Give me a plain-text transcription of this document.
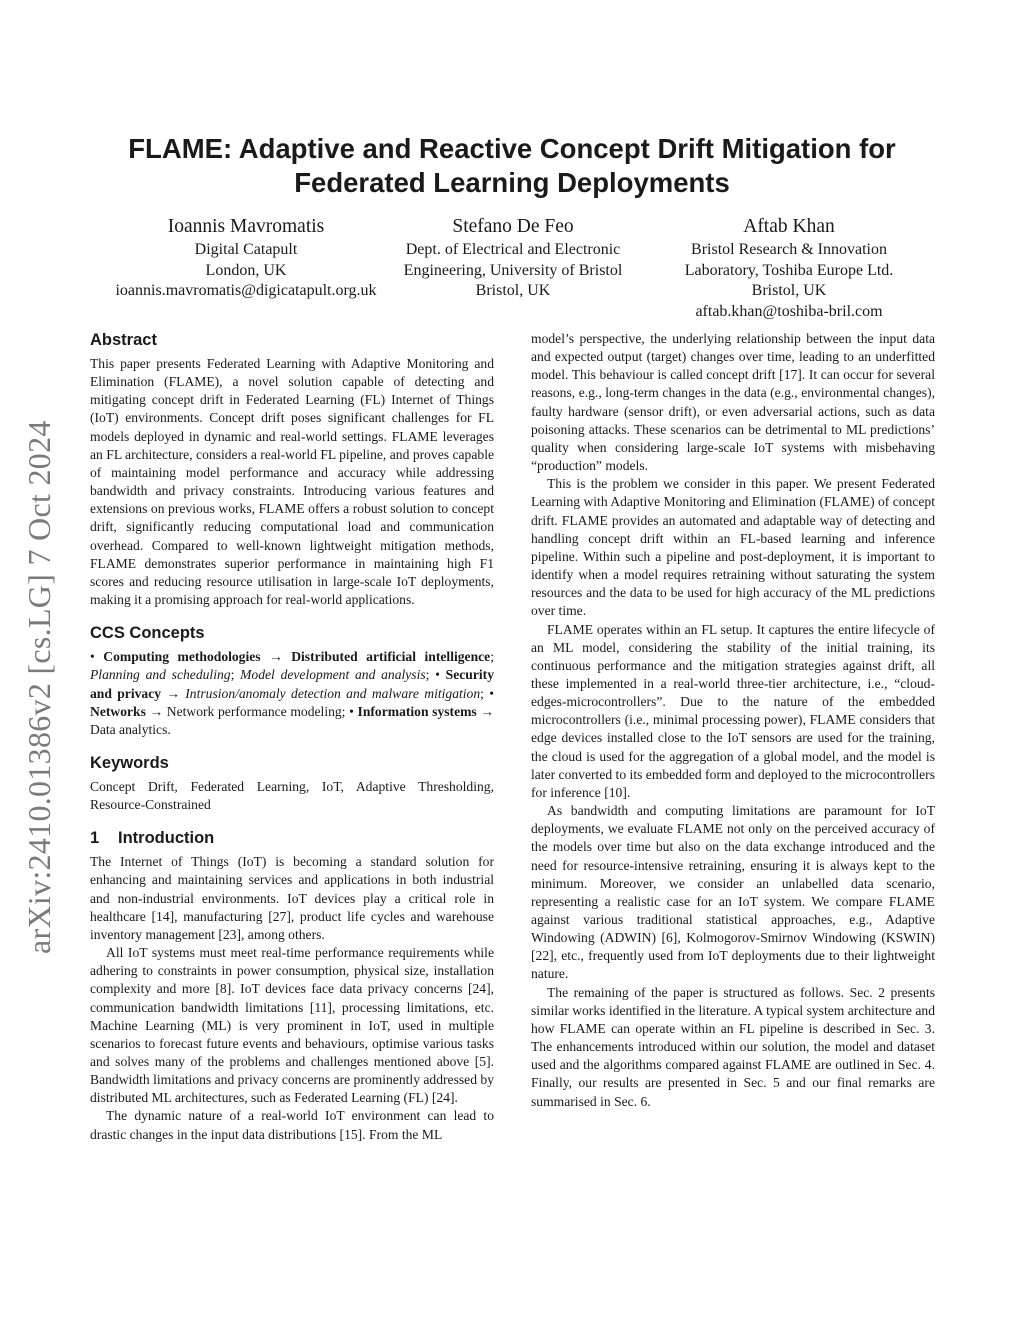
arXiv:2410.01386v2 [cs.LG] 7 Oct 2024
FLAME: Adaptive and Reactive Concept Drift Mitigation for Federated Learning Deployments
Ioannis Mavromatis
Digital Catapult
London, UK
ioannis.mavromatis@digicatapult.org.uk
Stefano De Feo
Dept. of Electrical and Electronic
Engineering, University of Bristol
Bristol, UK
Aftab Khan
Bristol Research & Innovation
Laboratory, Toshiba Europe Ltd.
Bristol, UK
aftab.khan@toshiba-bril.com
Abstract

This paper presents Federated Learning with Adaptive Monitoring and Elimination (FLAME), a novel solution capable of detecting and mitigating concept drift in Federated Learning (FL) Internet of Things (IoT) environments. Concept drift poses significant challenges for FL models deployed in dynamic and real-world settings. FLAME leverages an FL architecture, considers a real-world FL pipeline, and proves capable of maintaining model performance and accuracy while addressing bandwidth and privacy constraints. Introducing various features and extensions on previous works, FLAME offers a robust solution to concept drift, significantly reducing computational load and communication overhead. Compared to well-known lightweight mitigation methods, FLAME demonstrates superior performance in maintaining high F1 scores and reducing resource utilisation in large-scale IoT deployments, making it a promising approach for real-world applications.

CCS Concepts

• Computing methodologies → Distributed artificial intelligence; Planning and scheduling; Model development and analysis; • Security and privacy → Intrusion/anomaly detection and malware mitigation; • Networks → Network performance modeling; • Information systems → Data analytics.

Keywords

Concept Drift, Federated Learning, IoT, Adaptive Thresholding, Resource-Constrained

1 Introduction

The Internet of Things (IoT) is becoming a standard solution for enhancing and maintaining services and applications in both industrial and non-industrial environments. IoT devices play a critical role in healthcare [14], manufacturing [27], product life cycles and warehouse inventory management [23], among others.

All IoT systems must meet real-time performance requirements while adhering to constraints in power consumption, physical size, installation complexity and more [8]. IoT devices face data privacy concerns [24], communication bandwidth limitations [11], processing limitations, etc. Machine Learning (ML) is very prominent in IoT, used in multiple scenarios to forecast future events and behaviours, optimise various tasks and solves many of the problems and challenges mentioned above [5]. Bandwidth limitations and privacy concerns are prominently addressed by distributed ML architectures, such as Federated Learning (FL) [24].

The dynamic nature of a real-world IoT environment can lead to drastic changes in the input data distributions [15]. From the ML

model’s perspective, the underlying relationship between the input data and expected output (target) changes over time, leading to an underfitted model. This behaviour is called concept drift [17]. It can occur for several reasons, e.g., long-term changes in the data (e.g., environmental changes), faulty hardware (sensor drift), or even adversarial actions, such as data poisoning attacks. These scenarios can be detrimental to ML predictions’ quality when considering large-scale IoT systems with misbehaving “production” models.

This is the problem we consider in this paper. We present Federated Learning with Adaptive Monitoring and Elimination (FLAME) of concept drift. FLAME provides an automated and adaptable way of detecting and handling concept drift within an FL-based learning and inference pipeline. Within such a pipeline and post-deployment, it is important to identify when a model requires retraining without saturating the system resources and the data to be used for high accuracy of the ML predictions over time.

FLAME operates within an FL setup. It captures the entire lifecycle of an ML model, considering the stability of the initial training, its continuous performance and the mitigation strategies against drift, all these implemented in a real-world three-tier architecture, i.e., “cloud-edges-microcontrollers”. Due to the nature of the embedded microcontrollers (i.e., minimal processing power), FLAME considers that edge devices installed close to the IoT sensors are used for the training, the cloud is used for the aggregation of a global model, and the model is later converted to its embedded form and deployed to the microcontrollers for inference [10].

As bandwidth and computing limitations are paramount for IoT deployments, we evaluate FLAME not only on the perceived accuracy of the models over time but also on the data exchange introduced and the need for resource-intensive retraining, ensuring it is always kept to the minimum. Moreover, we consider an unlabelled data scenario, representing a realistic case for an IoT system. We compare FLAME against various traditional statistical approaches, e.g., Adaptive Windowing (ADWIN) [6], Kolmogorov-Smirnov Windowing (KSWIN) [22], etc., frequently used from IoT deployments due to their lightweight nature.

The remaining of the paper is structured as follows. Sec. 2 presents similar works identified in the literature. A typical system architecture and how FLAME can operate within an FL pipeline is described in Sec. 3. The enhancements introduced within our solution, the model and dataset used and the algorithms compared against FLAME are outlined in Sec. 4. Finally, our results are presented in Sec. 5 and our final remarks are summarised in Sec. 6.
